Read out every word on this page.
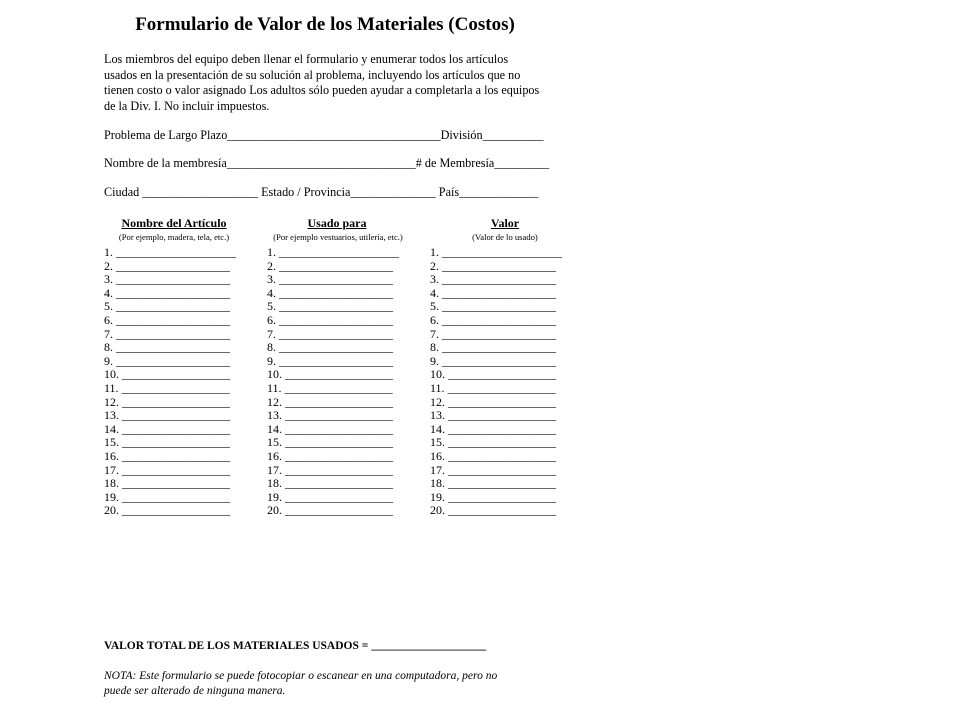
Formulario de Valor de los Materiales (Costos)
Los miembros del equipo deben llenar el formulario y enumerar todos los artículos usados en la presentación de su solución al problema, incluyendo los artículos que no tienen costo o valor asignado Los adultos sólo pueden ayudar a completarla a los equipos de la Div. I. No incluir impuestos.
Problema de Largo Plazo___________________________________División__________
Nombre de la membresía_______________________________# de Membresía_________
Ciudad ___________________ Estado / Provincia______________ País_____________
Nombre del Artículo
(Por ejemplo, madera, tela, etc.)
Usado para
(Por ejemplo vestuarios, utilería, etc.)
Valor
(Valor de lo usado)
1. ____________________
2. ___________________
3. ___________________
4. ___________________
5. ___________________
6. ___________________
7. ___________________
8. ___________________
9. ___________________
10. __________________
11. __________________
12. __________________
13. __________________
14. __________________
15. __________________
16. __________________
17. __________________
18. __________________
19. __________________
20. __________________
1. ____________________
2. ___________________
3. ___________________
4. ___________________
5. ___________________
6. ___________________
7. ___________________
8. ___________________
9. ___________________
10. __________________
11. __________________
12. __________________
13. __________________
14. __________________
15. __________________
16. __________________
17. __________________
18. __________________
19. __________________
20. __________________
1. ____________________
2. ___________________
3. ___________________
4. ___________________
5. ___________________
6. ___________________
7. ___________________
8. ___________________
9. ___________________
10. __________________
11. __________________
12. __________________
13. __________________
14. __________________
15. __________________
16. __________________
17. __________________
18. __________________
19. __________________
20. __________________
VALOR TOTAL DE LOS MATERIALES USADOS = ____________________
NOTA: Este formulario se puede fotocopiar o escanear en una computadora, pero no puede ser alterado de ninguna manera.
